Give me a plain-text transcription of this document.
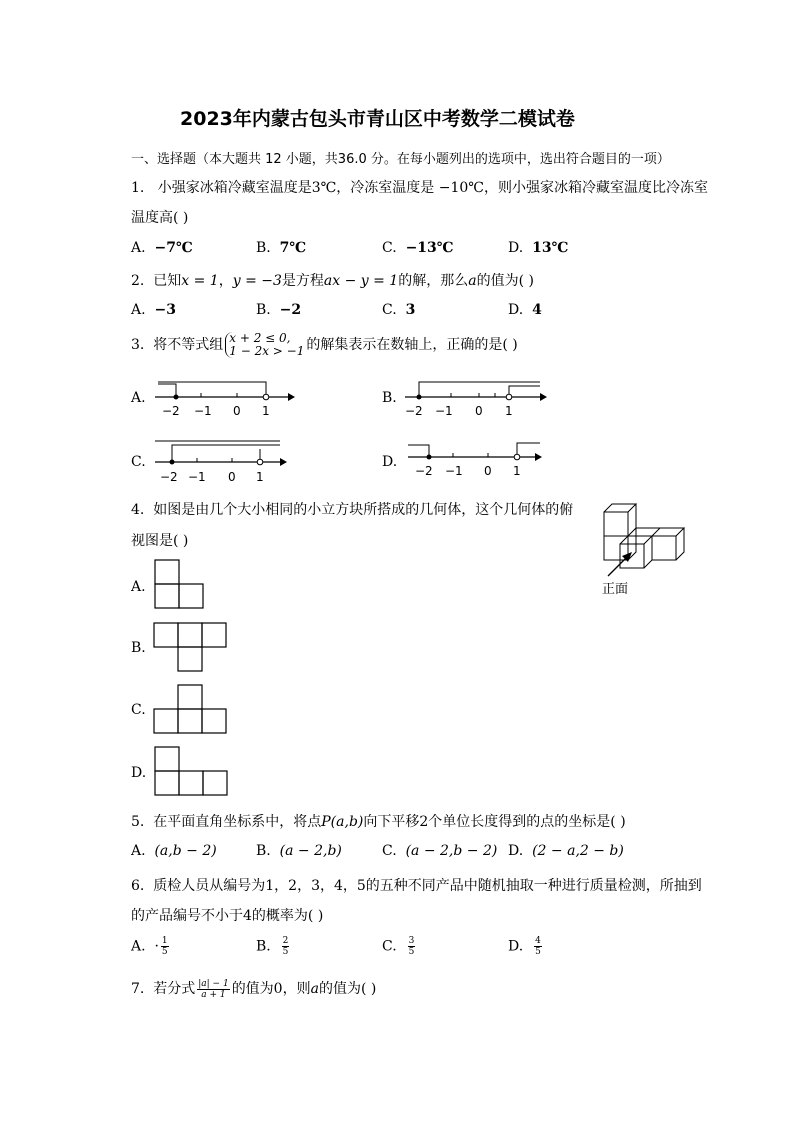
2023年内蒙古包头市青山区中考数学二模试卷
一、选择题（本大题共 12 小题，共36.0 分。在每小题列出的选项中，选出符合题目的一项）
1. 小强家冰箱冷藏室温度是3℃，冷冻室温度是 −10℃，则小强家冰箱冷藏室温度比冷冻室
温度高( )
A. −7℃	B. 7℃	C. −13℃	D. 13℃
2. 已知x = 1，y = −3是方程ax − y = 1的解，那么a的值为( )
A. −3	B. −2	C. 3	D. 4
3. 将不等式组 x + 2 ≤ 0,
1 − 2x > −1 的解集表示在数轴上，正确的是( )
A.
−2 −1 0 1
B.
−2 −1 0 1
C.
−2 −1 0 1
D.
−2 −1 0 1
4. 如图是由几个大小相同的小立方块所搭成的几何体，这个几何体的俯
视图是( )
正面
A.
B.
C.
D.
5. 在平面直角坐标系中，将点P(a,b)向下平移2个单位长度得到的点的坐标是( )
A. (a,b − 2)	B. (a − 2,b)	C. (a − 2,b − 2) D. (2 − a,2 − b)
6. 质检人员从编号为1，2，3，4，5的五种不同产品中随机抽取一种进行质量检测，所抽到
的产品编号不小于4的概率为( )
A. · $\frac{1}{5}$	B. $\frac{2}{5}$	C. $\frac{3}{5}$	D. $\frac{4}{5}$
7. 若分式 $\frac{|a| - 1}{a + 1}$ 的值为0，则a的值为( )
